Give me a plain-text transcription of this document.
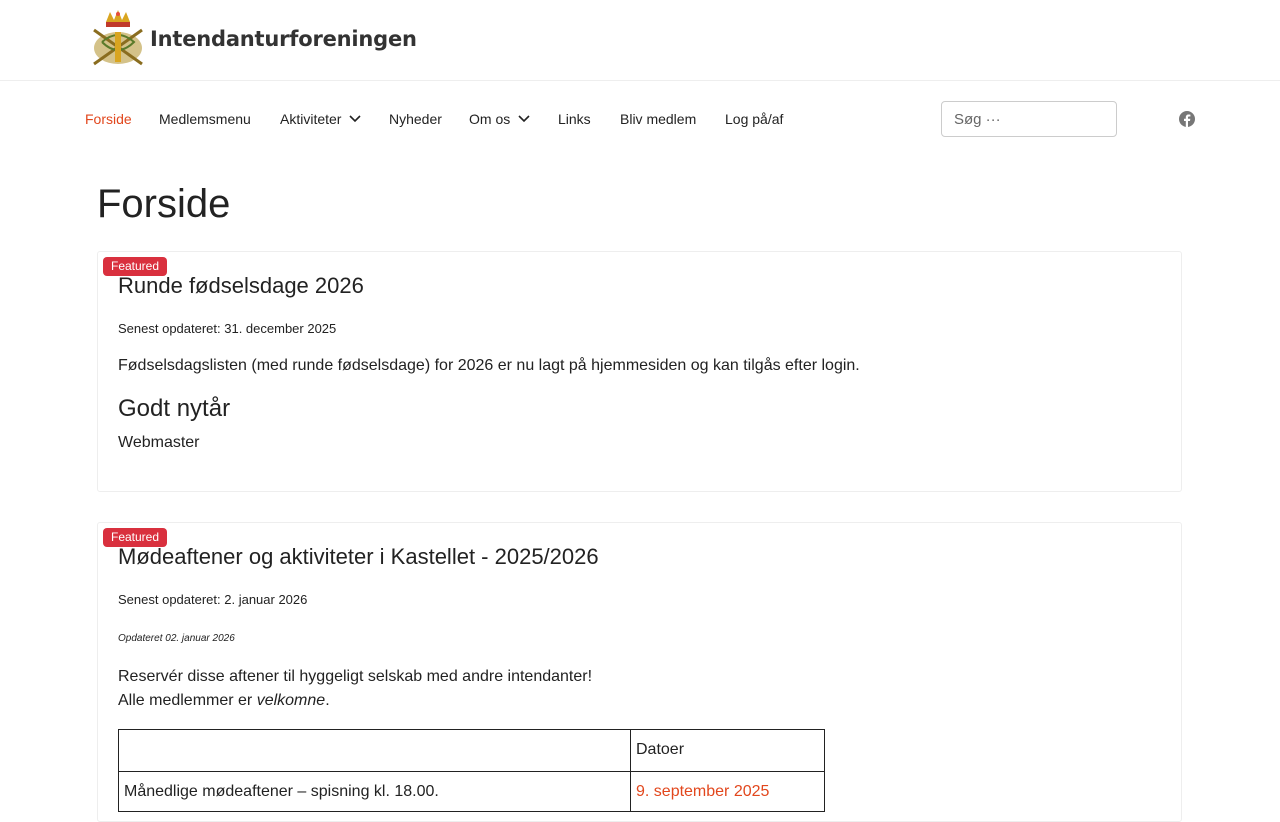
Intendanturforeningen
Forside Medlemsmenu Aktiviteter	Nyheder Om os	Links Bliv medlem Log på/af
Søg ···
Forside
Featured
Runde fødselsdage 2026
Senest opdateret: 31. december 2025
Fødselsdagslisten (med runde fødselsdage) for 2026 er nu lagt på hjemmesiden og kan tilgås efter login.
Godt nytår
Webmaster
Featured
Mødeaftener og aktiviteter i Kastellet - 2025/2026
Senest opdateret: 2. januar 2026
Opdateret 02. januar 2026
Reservér disse aftener til hyggeligt selskab med andre intendanter!
Alle medlemmer er velkomne.
	Datoer
Månedlige mødeaftener – spisning kl. 18.00.	9. september 2025
